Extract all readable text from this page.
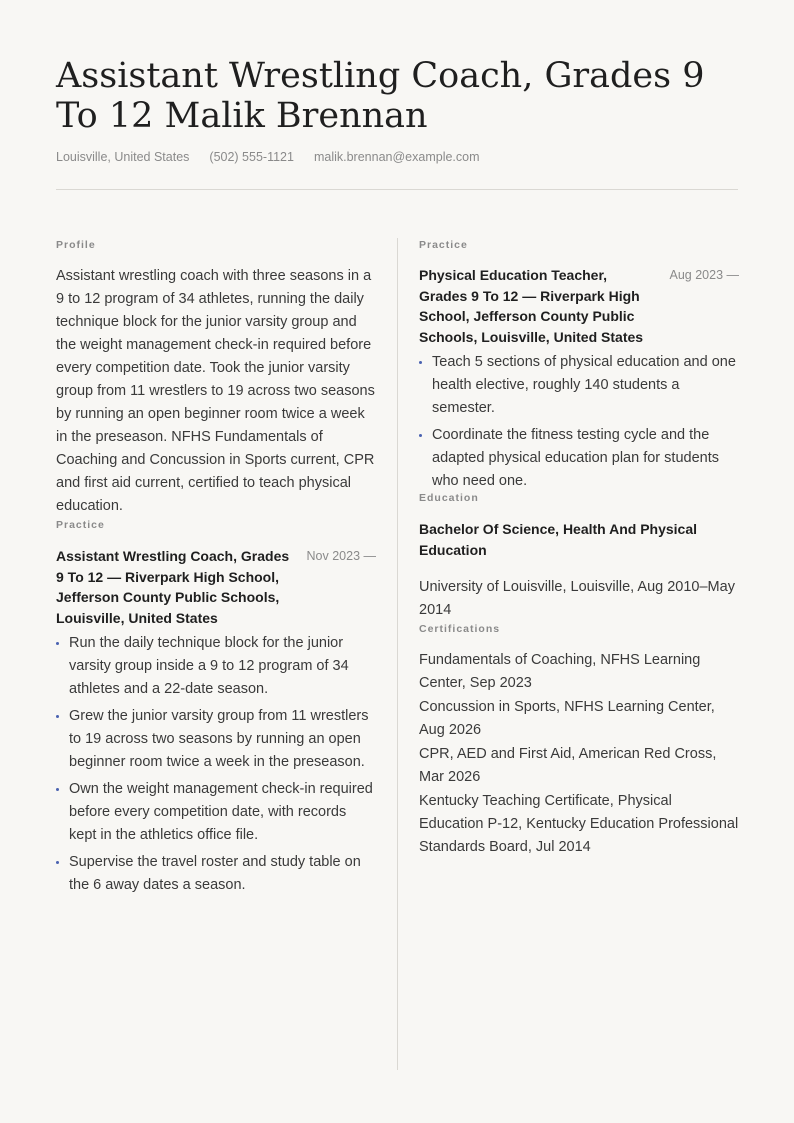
Assistant Wrestling Coach, Grades 9 To 12 Malik Brennan
Louisville, United States (502) 555-1121 malik.brennan@example.com

Profile

Assistant wrestling coach with three seasons in a 9 to 12 program of 34 athletes, running the daily technique block for the junior varsity group and the weight management check-in required before every competition date. Took the junior varsity group from 11 wrestlers to 19 across two seasons by running an open beginner room twice a week in the preseason. NFHS Fundamentals of Coaching and Concussion in Sports current, CPR and first aid current, certified to teach physical education.

Practice

Assistant Wrestling Coach, Grades 9 To 12 — Riverpark High School, Jefferson County Public Schools, Louisville, United States
Nov 2023 —
Run the daily technique block for the junior varsity group inside a 9 to 12 program of 34 athletes and a 22-date season.
Grew the junior varsity group from 11 wrestlers to 19 across two seasons by running an open beginner room twice a week in the preseason.
Own the weight management check-in required before every competition date, with records kept in the athletics office file.
Supervise the travel roster and study table on the 6 away dates a season.

Practice

Physical Education Teacher, Grades 9 To 12 — Riverpark High School, Jefferson County Public Schools, Louisville, United States
Aug 2023 —
Teach 5 sections of physical education and one health elective, roughly 140 students a semester.
Coordinate the fitness testing cycle and the adapted physical education plan for students who need one.

Education

Bachelor Of Science, Health And Physical Education
University of Louisville, Louisville, Aug 2010–May 2014

Certifications

Fundamentals of Coaching, NFHS Learning Center, Sep 2023
Concussion in Sports, NFHS Learning Center, Aug 2026
CPR, AED and First Aid, American Red Cross, Mar 2026
Kentucky Teaching Certificate, Physical Education P-12, Kentucky Education Professional Standards Board, Jul 2014
